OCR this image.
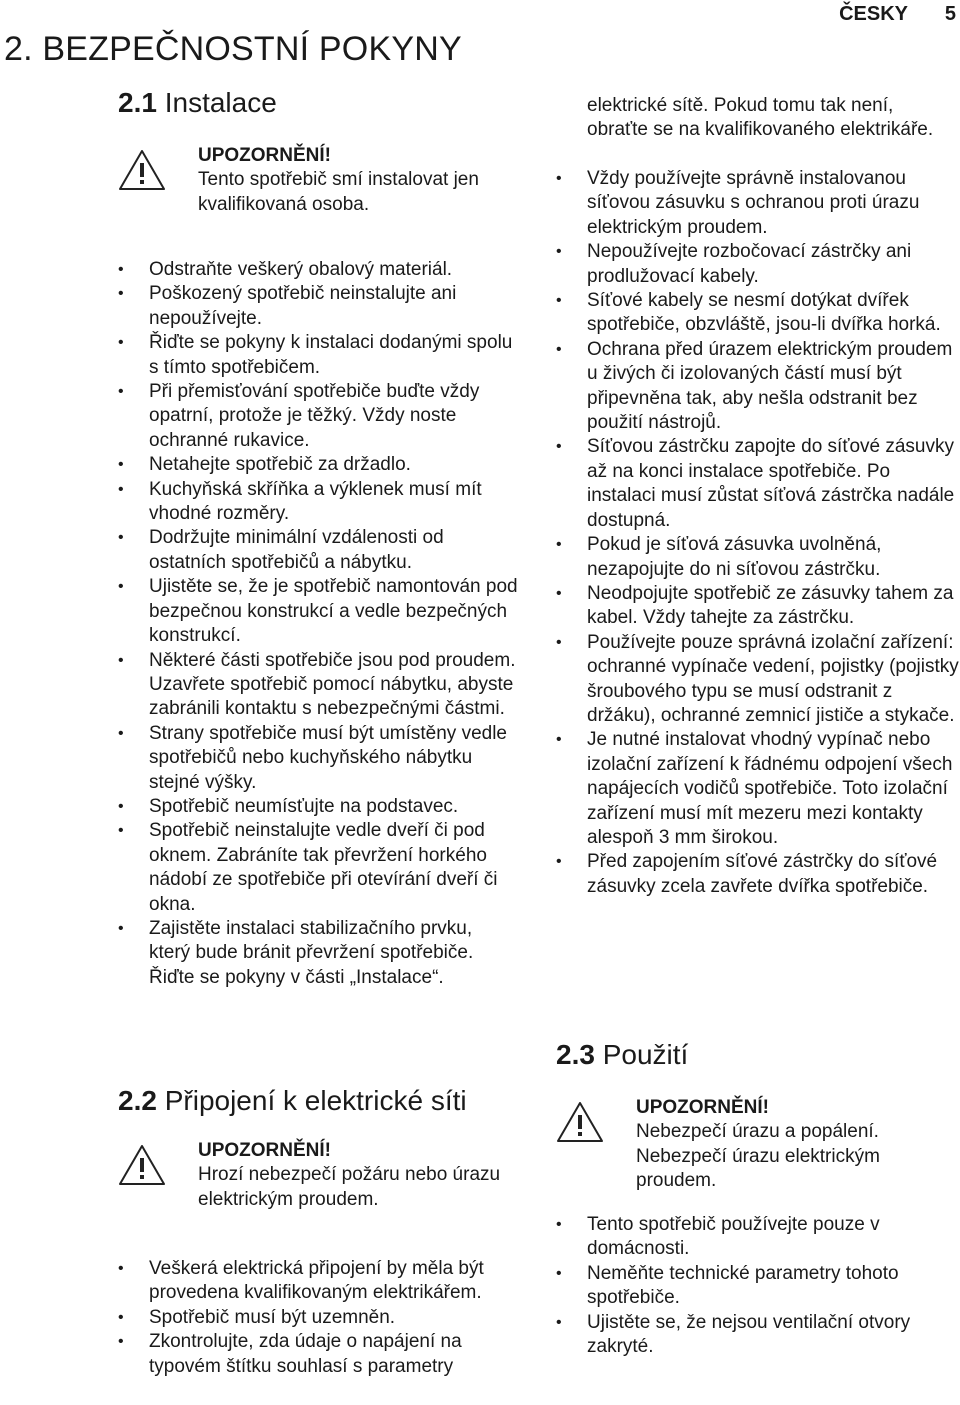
ČESKY 5
2. BEZPEČNOSTNÍ POKYNY
2.1 Instalace
UPOZORNĚNÍ!
Tento spotřebič smí instalovat jen kvalifikovaná osoba.
• Odstraňte veškerý obalový materiál.
• Poškozený spotřebič neinstalujte ani nepoužívejte.
• Řiďte se pokyny k instalaci dodanými spolu s tímto spotřebičem.
• Při přemisťování spotřebiče buďte vždy opatrní, protože je těžký. Vždy noste ochranné rukavice.
• Netahejte spotřebič za držadlo.
• Kuchyňská skříňka a výklenek musí mít vhodné rozměry.
• Dodržujte minimální vzdálenosti od ostatních spotřebičů a nábytku.
• Ujistěte se, že je spotřebič namontován pod bezpečnou konstrukcí a vedle bezpečných konstrukcí.
• Některé části spotřebiče jsou pod proudem. Uzavřete spotřebič pomocí nábytku, abyste zabránili kontaktu s nebezpečnými částmi.
• Strany spotřebiče musí být umístěny vedle spotřebičů nebo kuchyňského nábytku stejné výšky.
• Spotřebič neumísťujte na podstavec.
• Spotřebič neinstalujte vedle dveří či pod oknem. Zabráníte tak převržení horkého nádobí ze spotřebiče při otevírání dveří či okna.
• Zajistěte instalaci stabilizačního prvku, který bude bránit převržení spotřebiče. Řiďte se pokyny v části „Instalace“.
2.2 Připojení k elektrické síti
UPOZORNĚNÍ!
Hrozí nebezpečí požáru nebo úrazu elektrickým proudem.
• Veškerá elektrická připojení by měla být provedena kvalifikovaným elektrikářem.
• Spotřebič musí být uzemněn.
• Zkontrolujte, zda údaje o napájení na typovém štítku souhlasí s parametry
elektrické sítě. Pokud tomu tak není, obraťte se na kvalifikovaného elektrikáře.
• Vždy používejte správně instalovanou síťovou zásuvku s ochranou proti úrazu elektrickým proudem.
• Nepoužívejte rozbočovací zástrčky ani prodlužovací kabely.
• Síťové kabely se nesmí dotýkat dvířek spotřebiče, obzvláště, jsou-li dvířka horká.
• Ochrana před úrazem elektrickým proudem u živých či izolovaných částí musí být připevněna tak, aby nešla odstranit bez použití nástrojů.
• Síťovou zástrčku zapojte do síťové zásuvky až na konci instalace spotřebiče. Po instalaci musí zůstat síťová zástrčka nadále dostupná.
• Pokud je síťová zásuvka uvolněná, nezapojujte do ni síťovou zástrčku.
• Neodpojujte spotřebič ze zásuvky tahem za kabel. Vždy tahejte za zástrčku.
• Používejte pouze správná izolační zařízení: ochranné vypínače vedení, pojistky (pojistky šroubového typu se musí odstranit z držáku), ochranné zemnicí jističe a stykače.
• Je nutné instalovat vhodný vypínač nebo izolační zařízení k řádnému odpojení všech napájecích vodičů spotřebiče. Toto izolační zařízení musí mít mezeru mezi kontakty alespoň 3 mm širokou.
• Před zapojením síťové zástrčky do síťové zásuvky zcela zavřete dvířka spotřebiče.
2.3 Použití
UPOZORNĚNÍ!
Nebezpečí úrazu a popálení. Nebezpečí úrazu elektrickým proudem.
• Tento spotřebič používejte pouze v domácnosti.
• Neměňte technické parametry tohoto spotřebiče.
• Ujistěte se, že nejsou ventilační otvory zakryté.
